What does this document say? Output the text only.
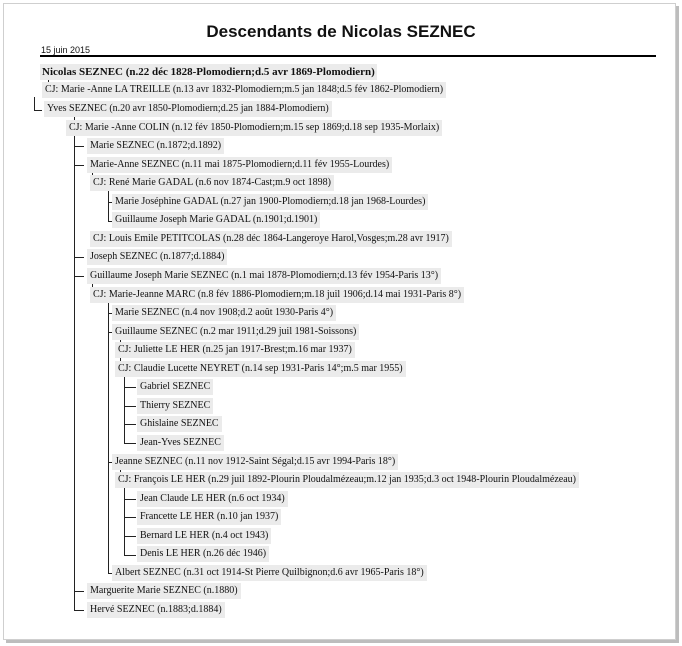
Descendants de Nicolas SEZNEC
15 juin 2015
Nicolas SEZNEC (n.22 déc 1828-Plomodiern;d.5 avr 1869-Plomodiern)
CJ: Marie -Anne LA TREILLE (n.13 avr 1832-Plomodiern;m.5 jan 1848;d.5 fév 1862-Plomodiern)
Yves SEZNEC (n.20 avr 1850-Plomodiern;d.25 jan 1884-Plomodiern)
CJ: Marie -Anne COLIN (n.12 fév 1850-Plomodiern;m.15 sep 1869;d.18 sep 1935-Morlaix)
Marie SEZNEC (n.1872;d.1892)
Marie-Anne SEZNEC (n.11 mai 1875-Plomodiern;d.11 fév 1955-Lourdes)
CJ: René Marie GADAL (n.6 nov 1874-Cast;m.9 oct 1898)
Marie Joséphine GADAL (n.27 jan 1900-Plomodiern;d.18 jan 1968-Lourdes)
Guillaume Joseph Marie GADAL (n.1901;d.1901)
CJ: Louis Emile PETITCOLAS (n.28 déc 1864-Langeroye Harol,Vosges;m.28 avr 1917)
Joseph SEZNEC (n.1877;d.1884)
Guillaume Joseph Marie SEZNEC (n.1 mai 1878-Plomodiern;d.13 fév 1954-Paris 13°)
CJ: Marie-Jeanne MARC (n.8 fév 1886-Plomodiern;m.18 juil 1906;d.14 mai 1931-Paris 8°)
Marie SEZNEC (n.4 nov 1908;d.2 août 1930-Paris 4°)
Guillaume SEZNEC (n.2 mar 1911;d.29 juil 1981-Soissons)
CJ: Juliette LE HER (n.25 jan 1917-Brest;m.16 mar 1937)
CJ: Claudie Lucette NEYRET (n.14 sep 1931-Paris 14°;m.5 mar 1955)
Gabriel SEZNEC
Thierry SEZNEC
Ghislaine SEZNEC
Jean-Yves SEZNEC
Jeanne SEZNEC (n.11 nov 1912-Saint Ségal;d.15 avr 1994-Paris 18°)
CJ: François LE HER (n.29 juil 1892-Plourin Ploudalmézeau;m.12 jan 1935;d.3 oct 1948-Plourin Ploudalmézeau)
Jean Claude LE HER (n.6 oct 1934)
Francette LE HER (n.10 jan 1937)
Bernard LE HER (n.4 oct 1943)
Denis LE HER (n.26 déc 1946)
Albert SEZNEC (n.31 oct 1914-St Pierre Quilbignon;d.6 avr 1965-Paris 18°)
Marguerite Marie SEZNEC (n.1880)
Hervé SEZNEC (n.1883;d.1884)
